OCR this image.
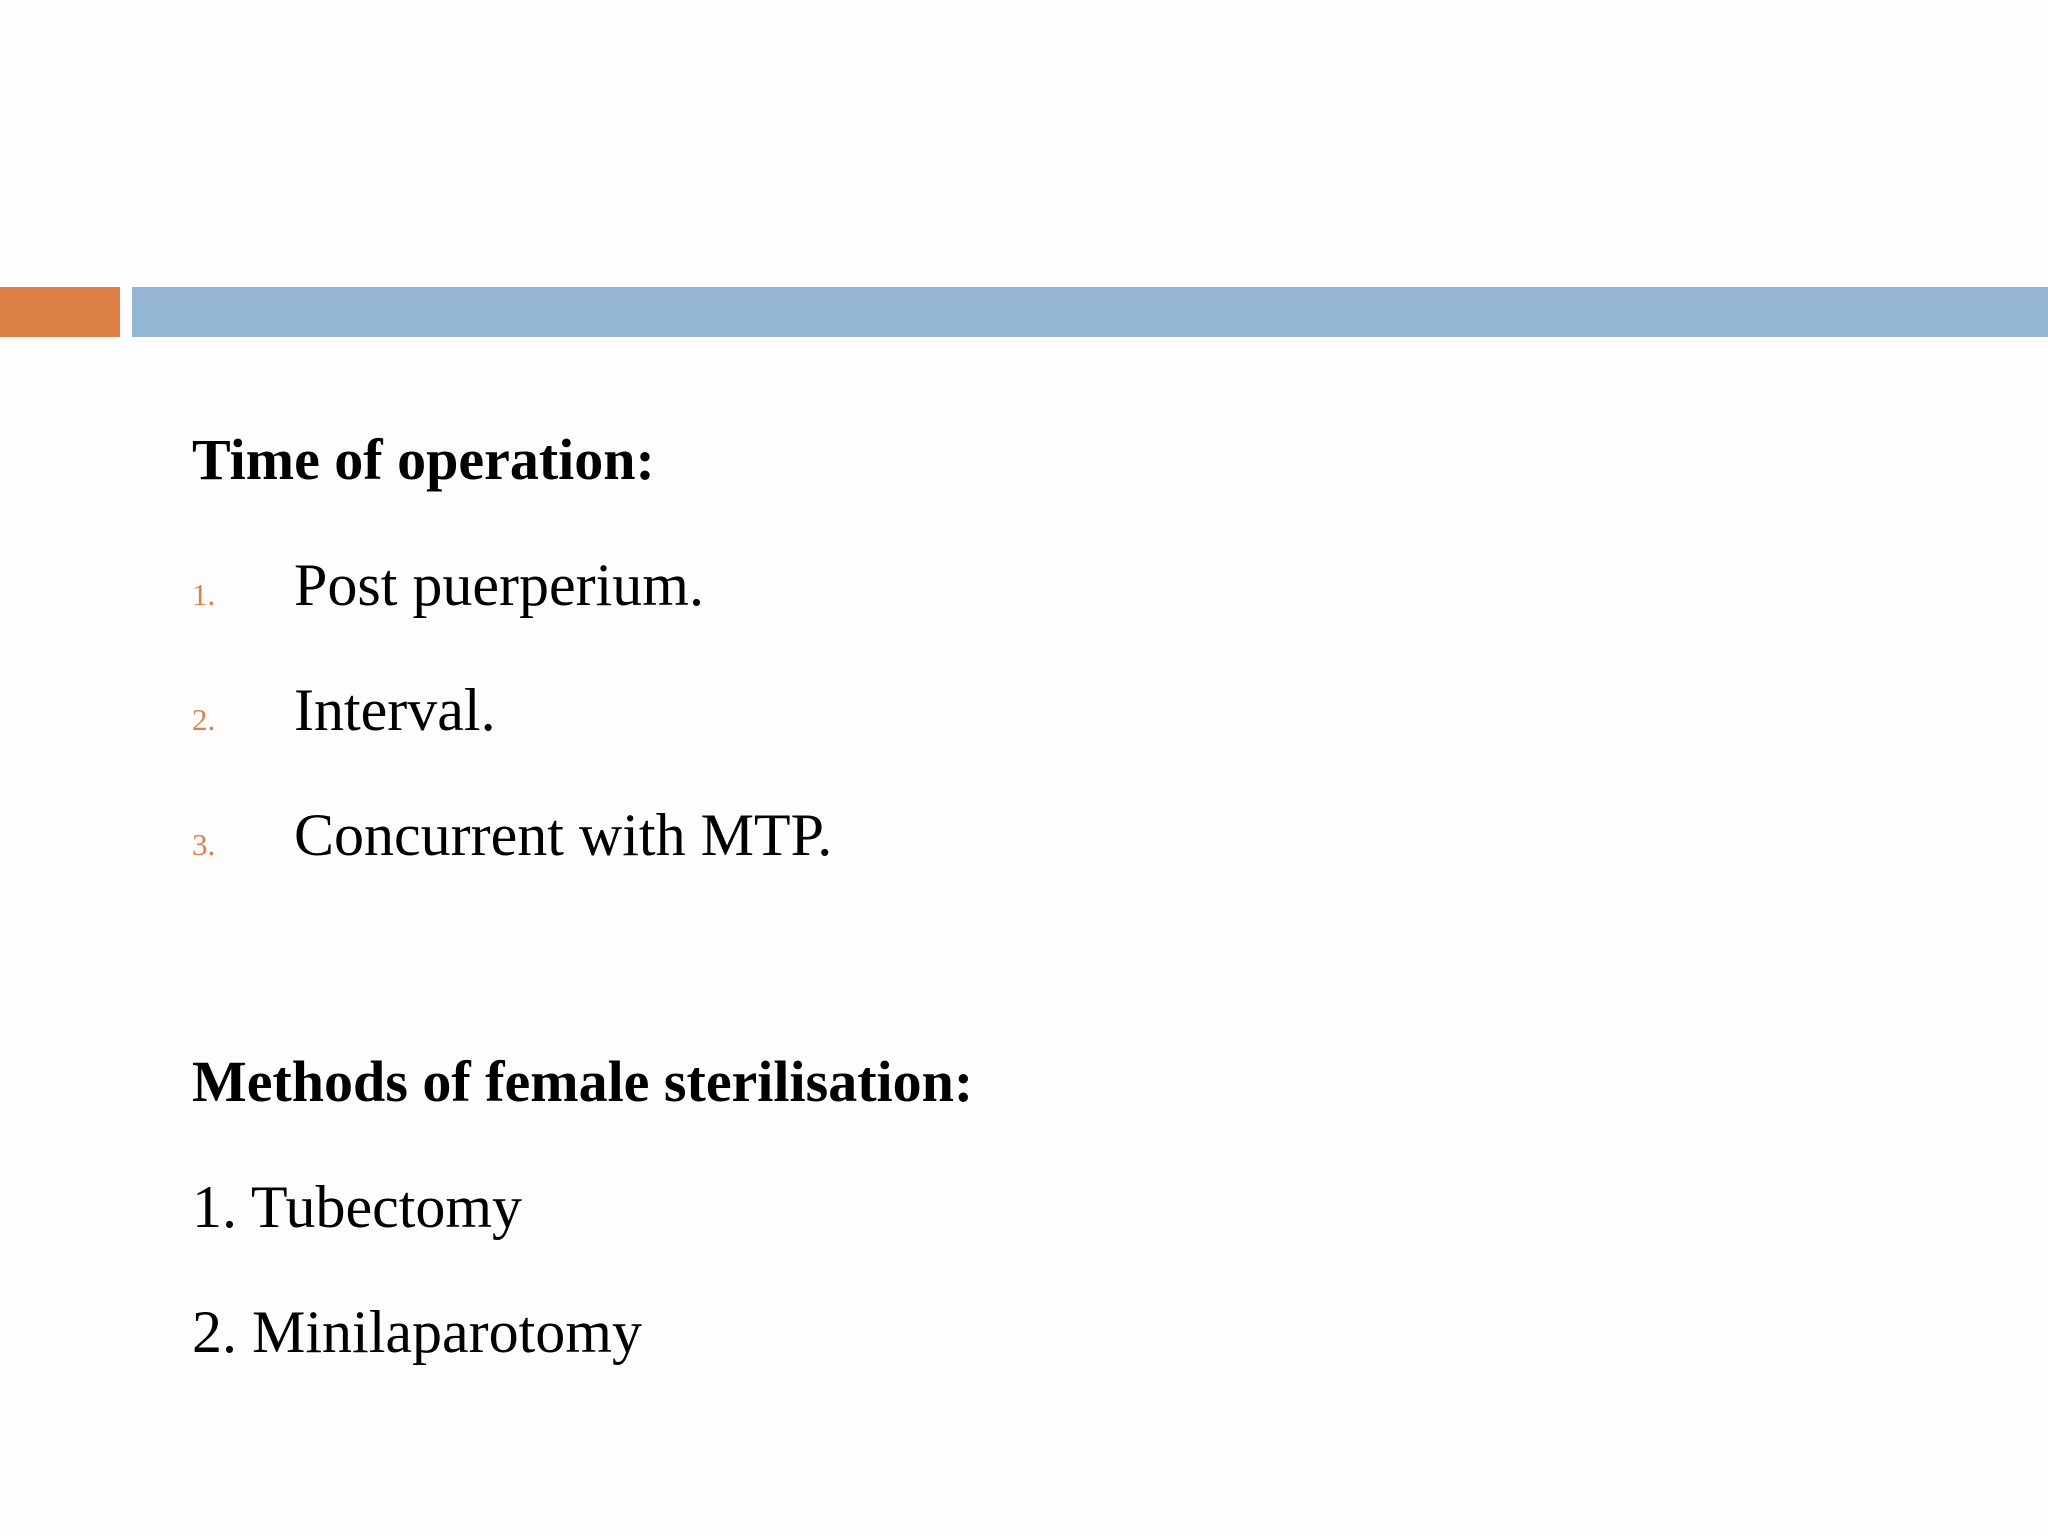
Time of operation:
1.	Post puerperium.
2.	Interval.
3.	Concurrent with MTP.
Methods of female sterilisation:
1. Tubectomy
2. Minilaparotomy
